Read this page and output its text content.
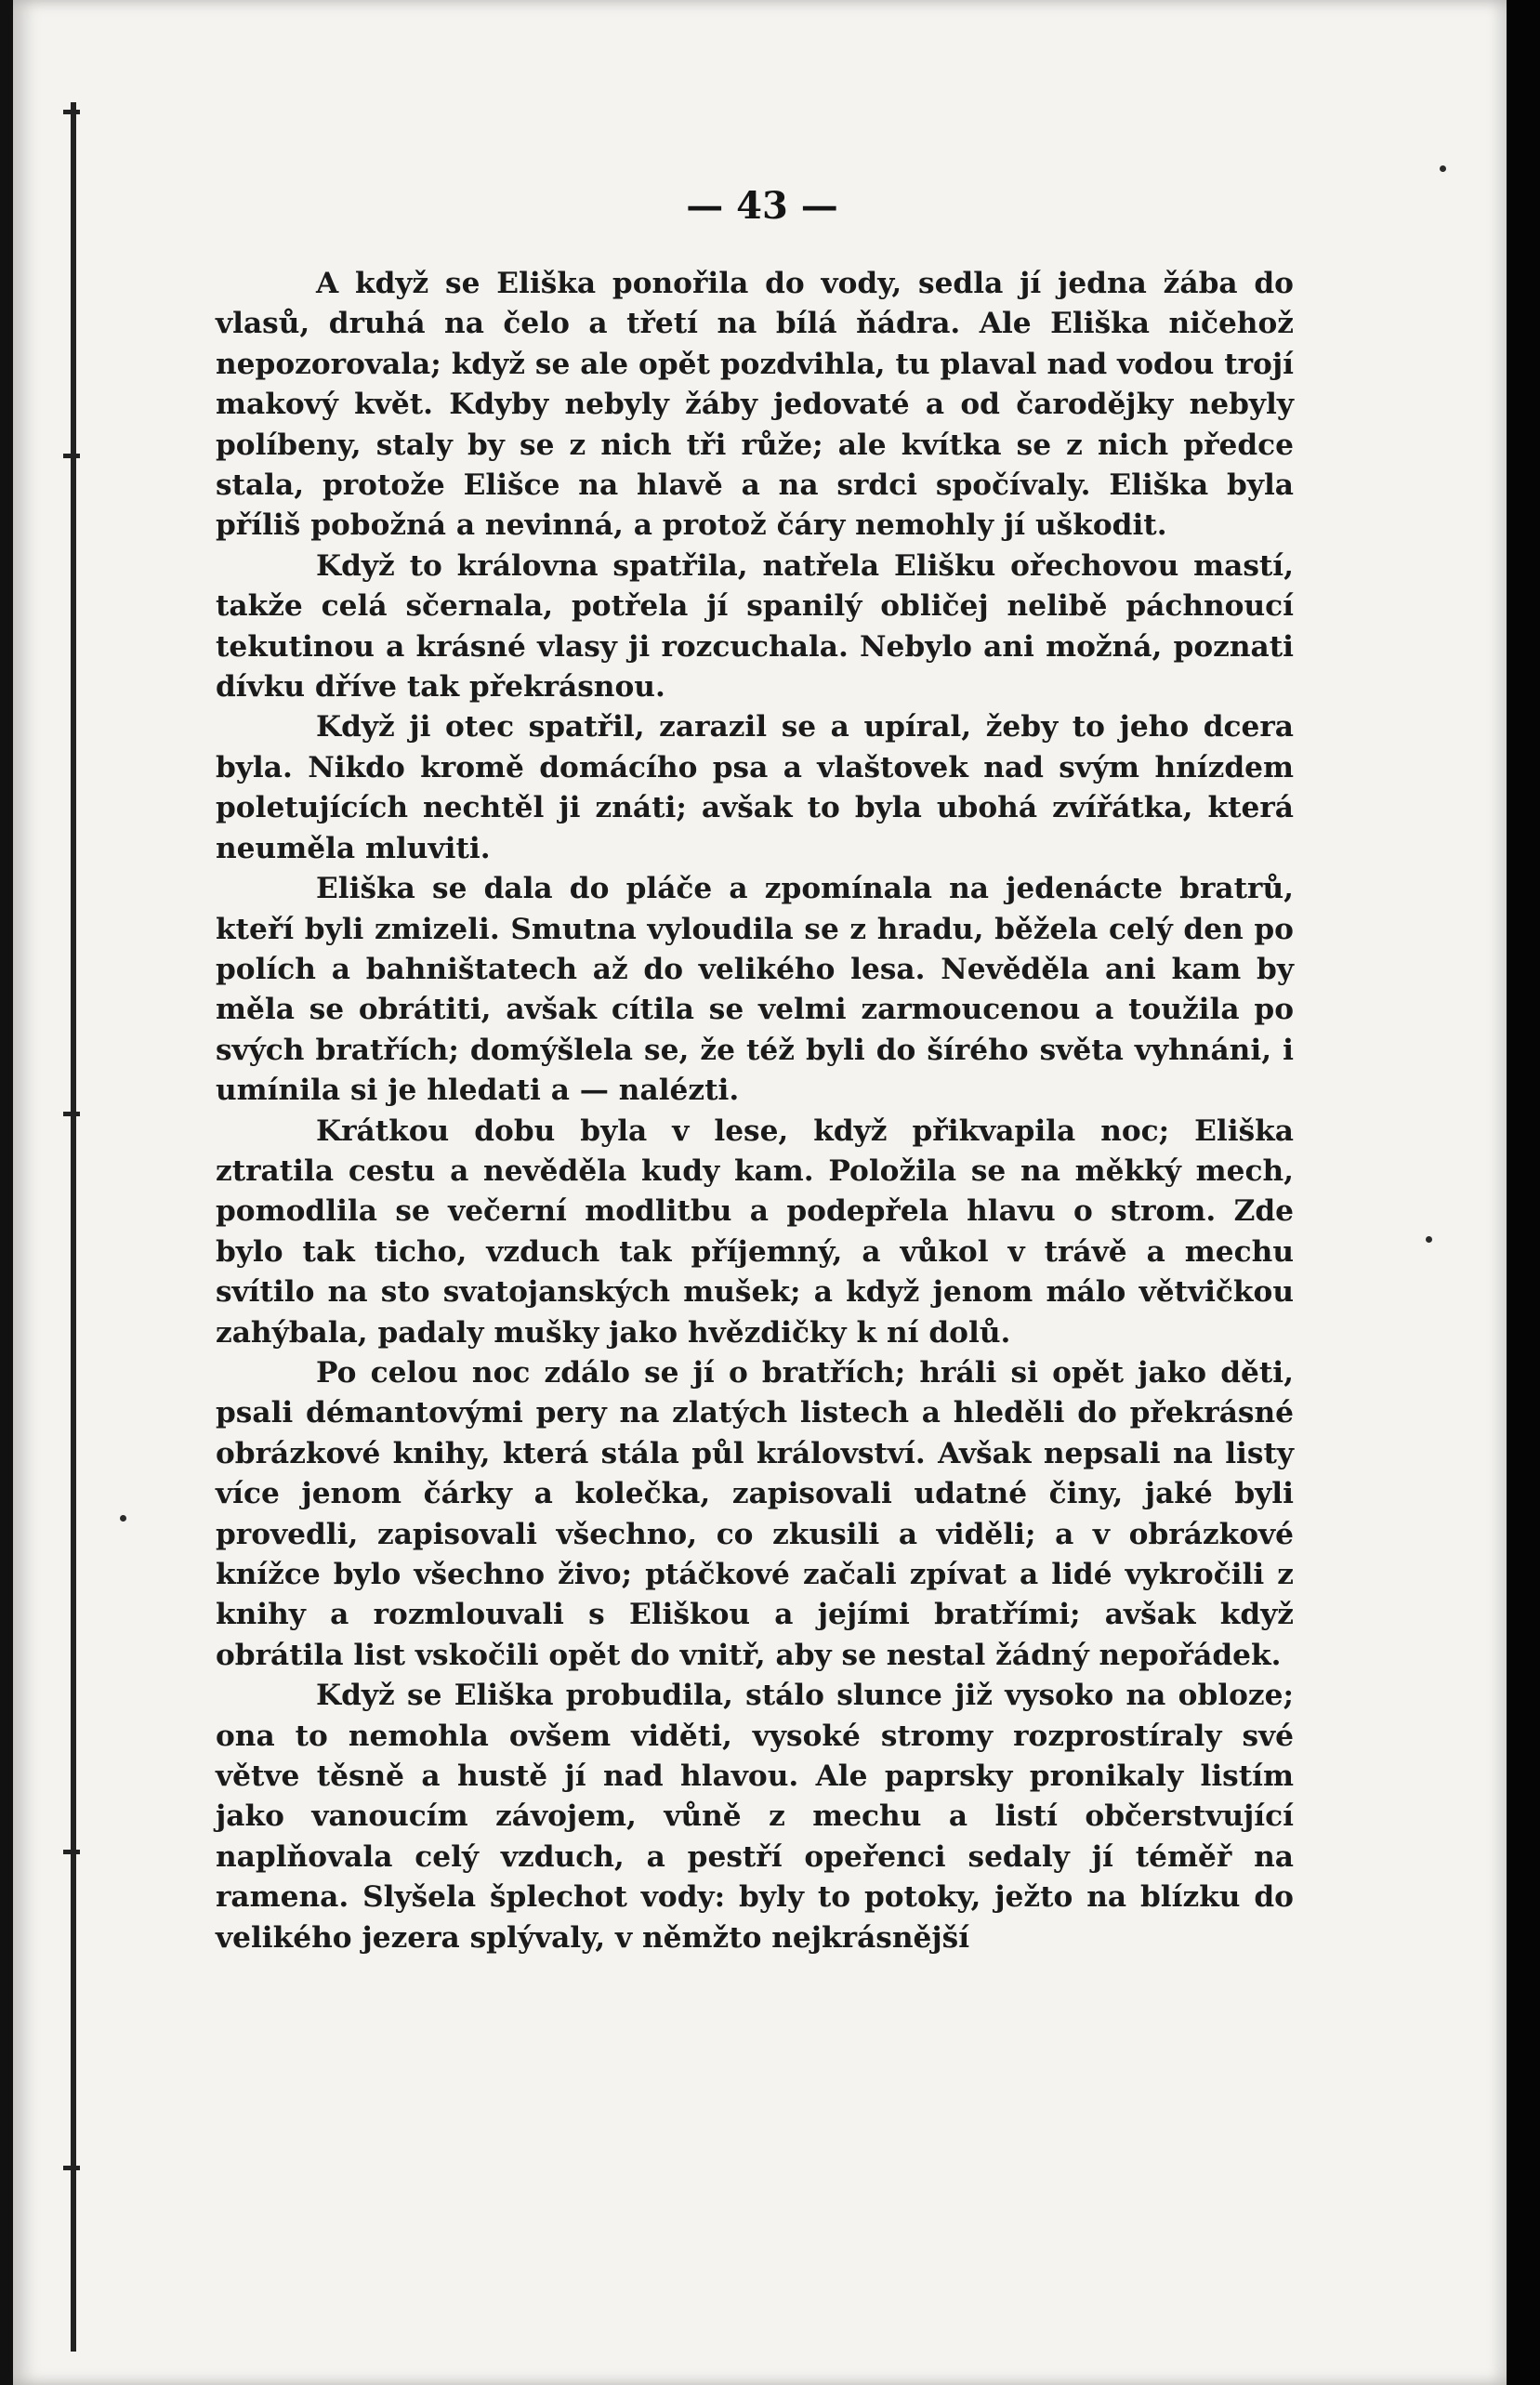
— 43 —

A když se Eliška ponořila do vody, sedla jí jedna žába do vlasů, druhá na čelo a třetí na bílá ňádra. Ale Eliška ničehož nepozorovala; když se ale opět pozdvihla, tu plaval nad vodou trojí makový květ. Kdyby nebyly žáby jedovaté a od čarodějky nebyly políbeny, staly by se z nich tři růže; ale kvítka se z nich předce stala, protože Elišce na hlavě a na srdci spočívaly. Eliška byla příliš pobožná a nevinná, a protož čáry nemohly jí uškodit.

Když to královna spatřila, natřela Elišku ořechovou mastí, takže celá sčernala, potřela jí spanilý obličej nelibě páchnoucí tekutinou a krásné vlasy ji rozcuchala. Nebylo ani možná, poznati dívku dříve tak překrásnou.

Když ji otec spatřil, zarazil se a upíral, žeby to jeho dcera byla. Nikdo kromě domácího psa a vlaštovek nad svým hnízdem poletujících nechtěl ji znáti; avšak to byla ubohá zvířátka, která neuměla mluviti.

Eliška se dala do pláče a zpomínala na jedenácte bratrů, kteří byli zmizeli. Smutna vyloudila se z hradu, běžela celý den po polích a bahništatech až do velikého lesa. Nevěděla ani kam by měla se obrátiti, avšak cítila se velmi zarmoucenou a toužila po svých bratřích; domýšlela se, že též byli do šírého světa vyhnáni, i umínila si je hledati a — nalézti.

Krátkou dobu byla v lese, když přikvapila noc; Eliška ztratila cestu a nevěděla kudy kam. Položila se na měkký mech, pomodlila se večerní modlitbu a podepřela hlavu o strom. Zde bylo tak ticho, vzduch tak příjemný, a vůkol v trávě a mechu svítilo na sto svatojanských mušek; a když jenom málo větvičkou zahýbala, padaly mušky jako hvězdičky k ní dolů.

Po celou noc zdálo se jí o bratřích; hráli si opět jako děti, psali démantovými pery na zlatých listech a hleděli do překrásné obrázkové knihy, která stála půl království. Avšak nepsali na listy více jenom čárky a kolečka, zapisovali udatné činy, jaké byli provedli, zapisovali všechno, co zkusili a viděli; a v obrázkové knížce bylo všechno živo; ptáčkové začali zpívat a lidé vykročili z knihy a rozmlouvali s Eliškou a jejími bratřími; avšak když obrátila list vskočili opět do vnitř, aby se nestal žádný nepořádek.

Když se Eliška probudila, stálo slunce již vysoko na obloze; ona to nemohla ovšem viděti, vysoké stromy rozprostíraly své větve těsně a hustě jí nad hlavou. Ale paprsky pronikaly listím jako vanoucím závojem, vůně z mechu a listí občerstvující naplňovala celý vzduch, a pestří opeřenci sedaly jí téměř na ramena. Slyšela šplechot vody: byly to potoky, ježto na blízku do velikého jezera splývaly, v němžto nejkrásnější
